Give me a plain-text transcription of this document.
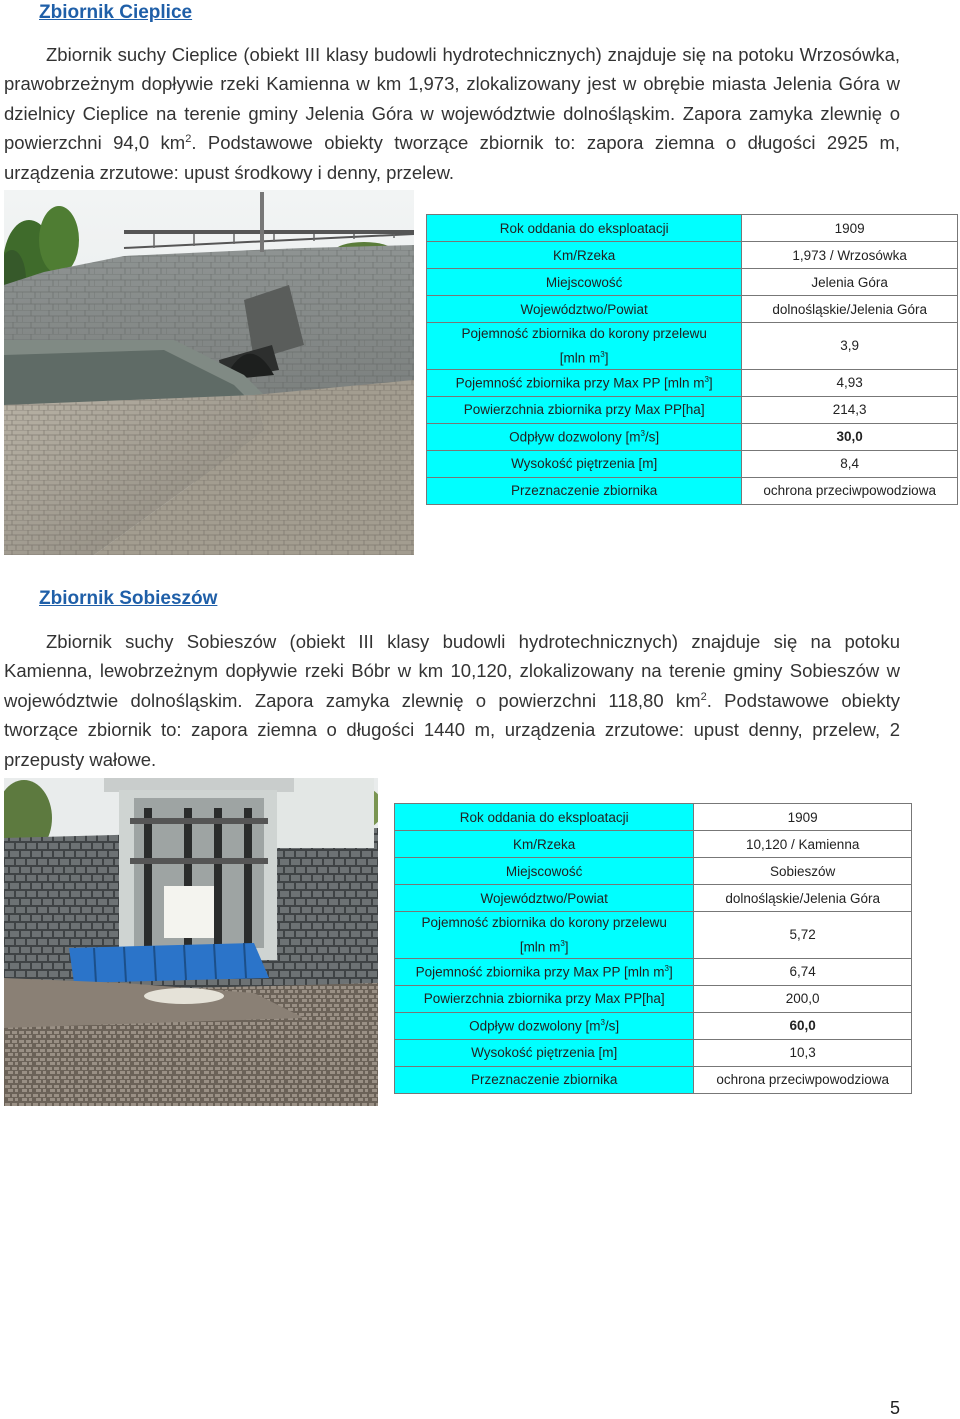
Zbiornik Cieplice

Zbiornik suchy Cieplice (obiekt III klasy budowli hydrotechnicznych) znajduje się na potoku Wrzosówka, prawobrzeżnym dopływie rzeki Kamienna w km 1,973, zlokalizowany jest w obrębie miasta Jelenia Góra w dzielnicy Cieplice na terenie gminy Jelenia Góra w województwie dolnośląskim. Zapora zamyka zlewnię o powierzchni 94,0 $km^2$. Podstawowe obiekty tworzące zbiornik to: zapora ziemna o długości 2925 m, urządzenia zrzutowe: upust środkowy i denny, przelew.

Rok oddania do eksploatacji	1909
Km/Rzeka	1,973 / Wrzosówka
Miejscowość	Jelenia Góra
Województwo/Powiat	dolnośląskie/Jelenia Góra
Pojemność zbiornika do korony przelewu
[mln $m^3$]	3,9
Pojemność zbiornika przy Max PP [mln $m^3$]	4,93
Powierzchnia zbiornika przy Max PP[ha]	214,3
Odpływ dozwolony $[m^3/s]$	30,0
Wysokość piętrzenia [m]	8,4
Przeznaczenie zbiornika	ochrona przeciwpowodziowa
Zbiornik Sobieszów

Zbiornik suchy Sobieszów (obiekt III klasy budowli hydrotechnicznych) znajduje się na potoku Kamienna, lewobrzeżnym dopływie rzeki Bóbr w km 10,120, zlokalizowany na terenie gminy Sobieszów w województwie dolnośląskim. Zapora zamyka zlewnię o powierzchni 118,80 $km^2$. Podstawowe obiekty tworzące zbiornik to: zapora ziemna o długości 1440 m, urządzenia zrzutowe: upust denny, przelew, 2 przepusty wałowe.

Rok oddania do eksploatacji	1909
Km/Rzeka	10,120 / Kamienna
Miejscowość	Sobieszów
Województwo/Powiat	dolnośląskie/Jelenia Góra
Pojemność zbiornika do korony przelewu
[mln $m^3$]	5,72
Pojemność zbiornika przy Max PP [mln $m^3$]	6,74
Powierzchnia zbiornika przy Max PP[ha]	200,0
Odpływ dozwolony $[m^3/s]$	60,0
Wysokość piętrzenia [m]	10,3
Przeznaczenie zbiornika	ochrona przeciwpowodziowa
5
